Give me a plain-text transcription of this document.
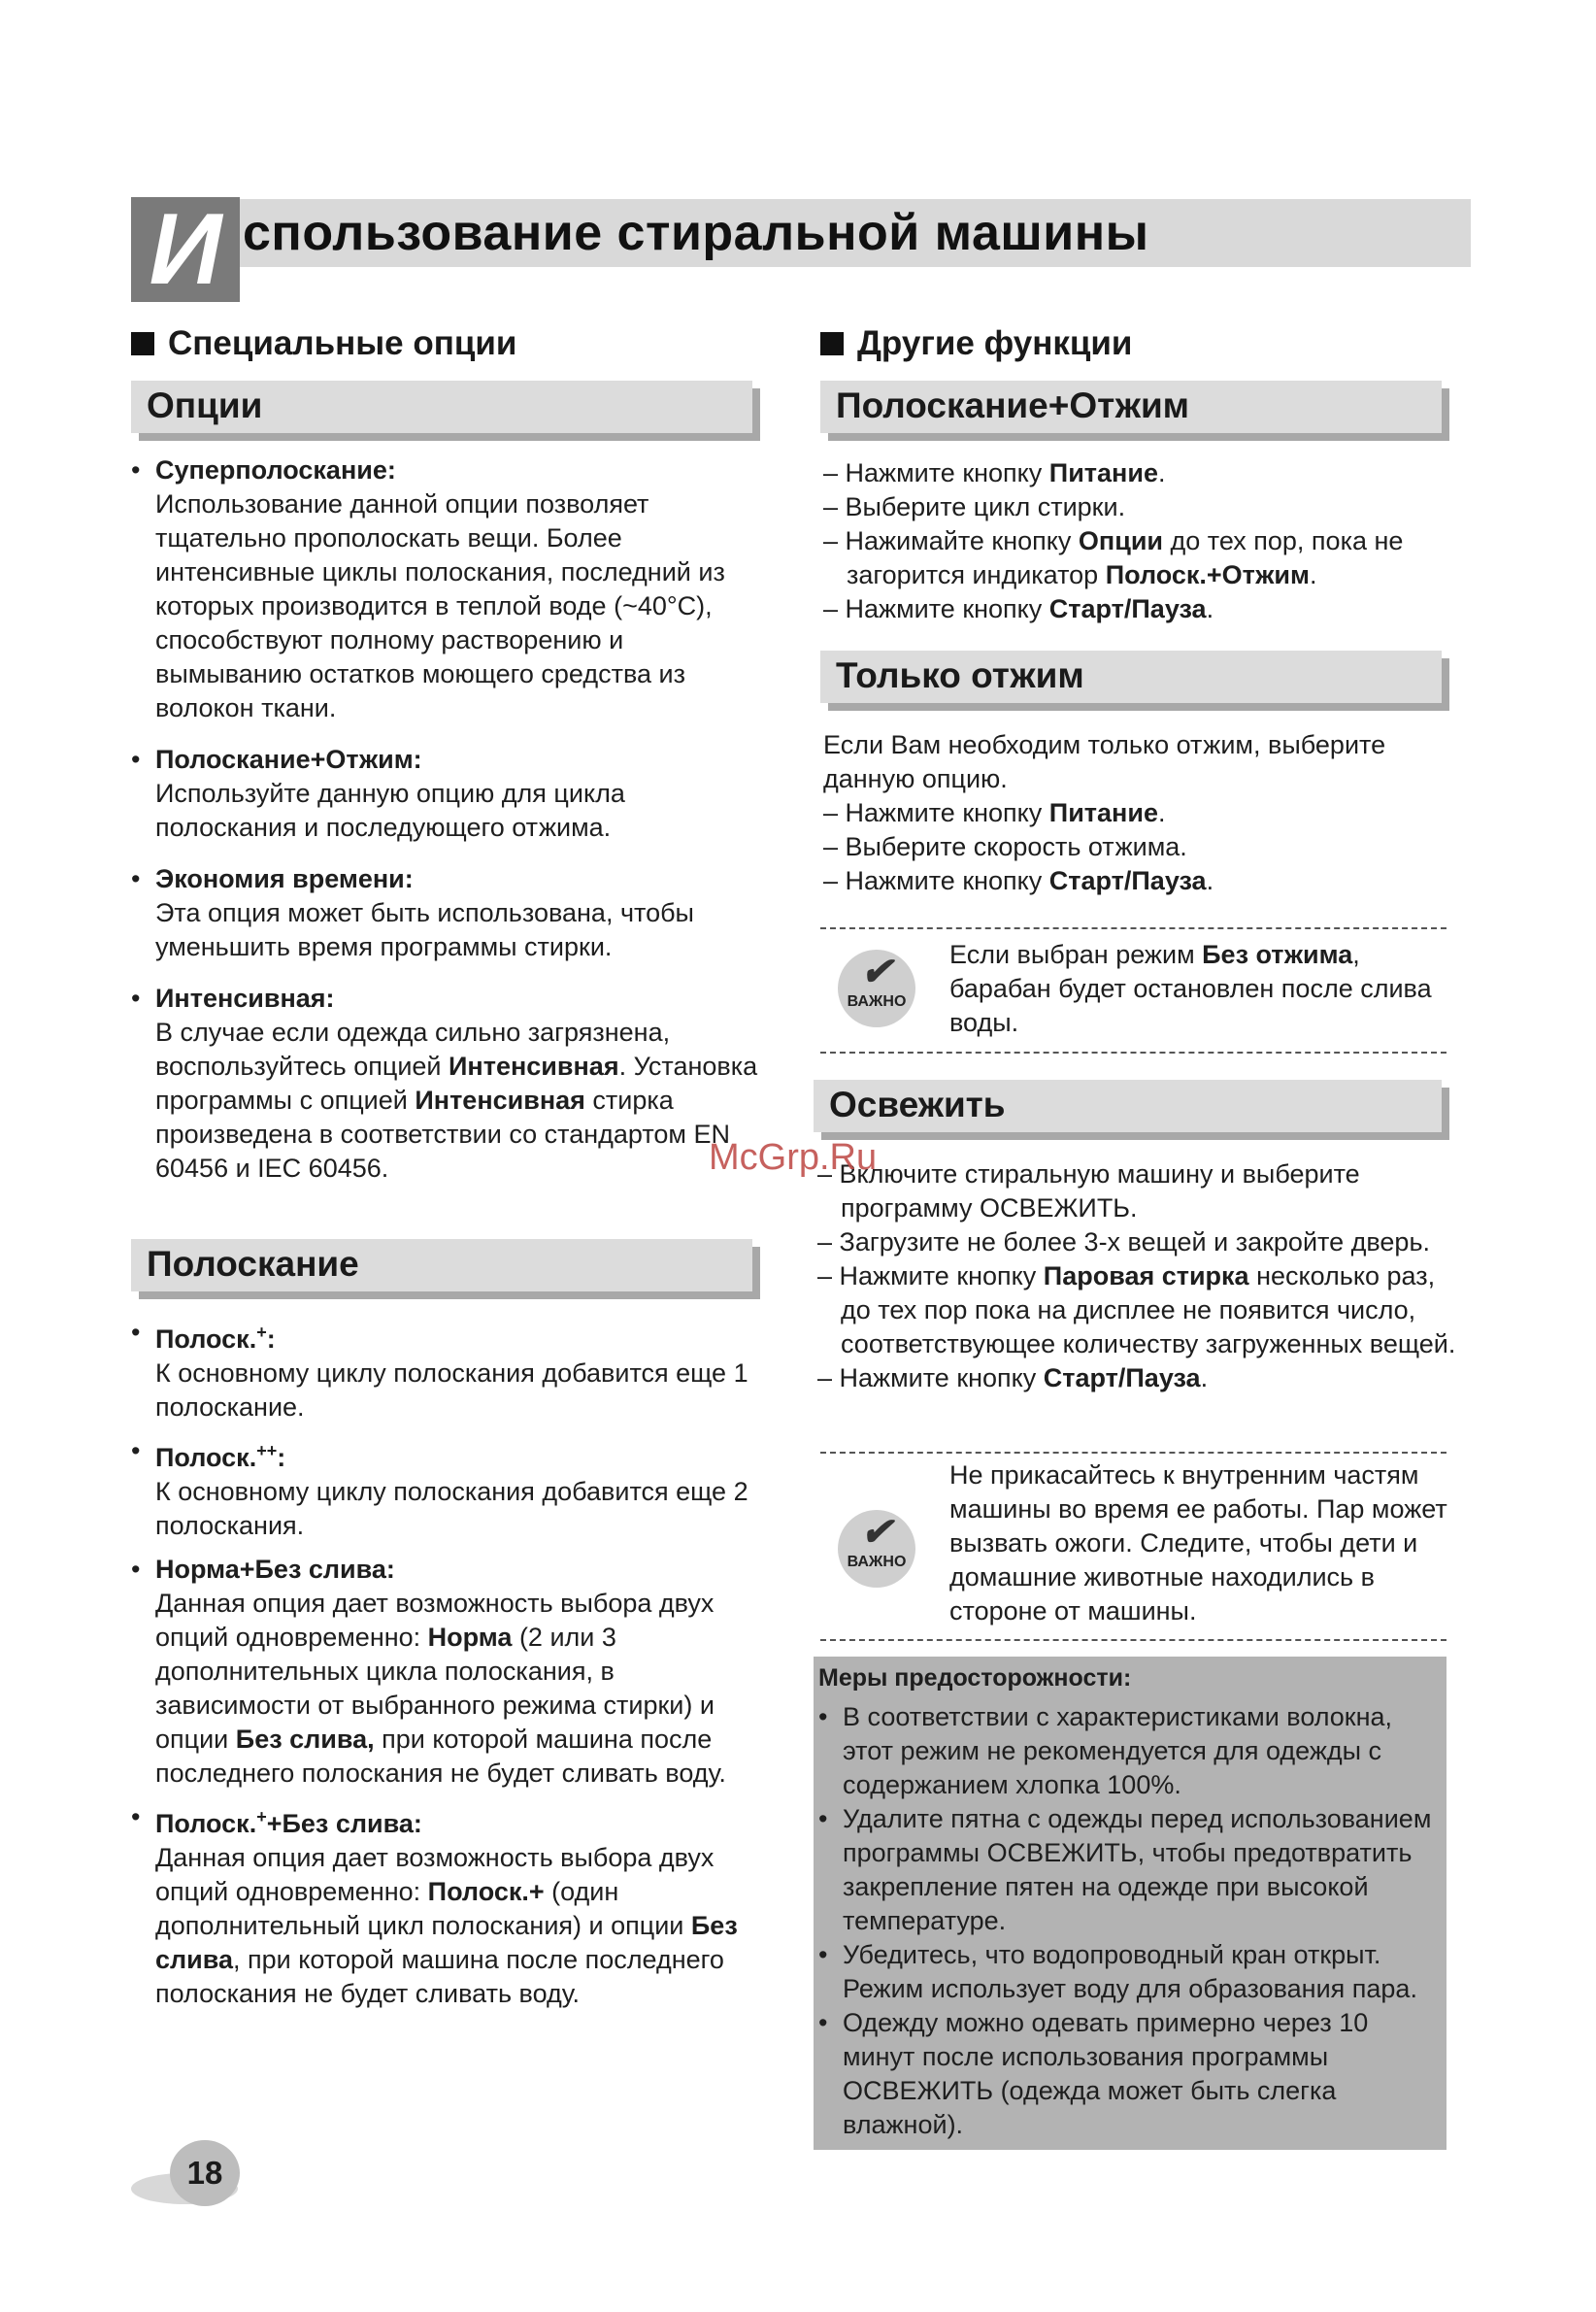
И спользование стиральной машины
Специальные опции
Опции
• Суперполоскание:
Использование данной опции позволяет тщательно прополоскать вещи. Более интенсивные циклы полоскания, последний из которых производится в теплой воде (~40°С), способствуют полному растворению и вымыванию остатков моющего средства из волокон ткани.
• Полоскание+Отжим:
Используйте данную опцию для цикла полоскания и последующего отжима.
• Экономия времени:
Эта опция может быть использована, чтобы уменьшить время программы стирки.
• Интенсивная:
В случае если одежда сильно загрязнена, воспользуйтесь опцией Интенсивная. Установка программы с опцией Интенсивная стирка произведена в соответствии со стандартом EN 60456 и IEC 60456.
Полоскание
• Полоск.+:
К основному циклу полоскания добавится еще 1 полоскание.
• Полоск.++:
К основному циклу полоскания добавится еще 2 полоскания.
• Норма+Без слива:
Данная опция дает возможность выбора двух опций одновременно: Норма (2 или 3 дополнительных цикла полоскания, в зависимости от выбранного режима стирки) и опции Без слива, при которой машина после последнего полоскания не будет сливать воду.
• Полоск.++Без слива:
Данная опция дает возможность выбора двух опций одновременно: Полоск.+ (один дополнительный цикл полоскания) и опции Без слива, при которой машина после последнего полоскания не будет сливать воду.
Другие функции
Полоскание+Отжим
– Нажмите кнопку Питание.
– Выберите цикл стирки.
– Нажимайте кнопку Опции до тех пор, пока не загорится индикатор Полоск.+Отжим.
– Нажмите кнопку Старт/Пауза.
Только отжим
Если Вам необходим только отжим, выберите данную опцию.
– Нажмите кнопку Питание.
– Выберите скорость отжима.
– Нажмите кнопку Старт/Пауза.
✔
ВАЖНО
Если выбран режим Без отжима, барабан будет остановлен после слива воды.
Освежить
– Включите стиральную машину и выберите программу ОСВЕЖИТЬ.
– Загрузите не более 3-х вещей и закройте дверь.
– Нажмите кнопку Паровая стирка несколько раз, до тех пор пока на дисплее не появится число, соответствующее количеству загруженных вещей.
– Нажмите кнопку Старт/Пауза.
✔
ВАЖНО
Не прикасайтесь к внутренним частям машины во время ее работы. Пар может вызвать ожоги. Следите, чтобы дети и домашние животные находились в стороне от машины.
Меры предосторожности:
• В соответствии с характеристиками волокна, этот режим не рекомендуется для одежды с содержанием хлопка 100%.
• Удалите пятна с одежды перед использованием программы ОСВЕЖИТЬ, чтобы предотвратить закрепление пятен на одежде при высокой температуре.
• Убедитесь, что водопроводный кран открыт. Режим использует воду для образования пара.
• Одежду можно одевать примерно через 10 минут после использования программы ОСВЕЖИТЬ (одежда может быть слегка влажной).
McGrp.Ru
18
